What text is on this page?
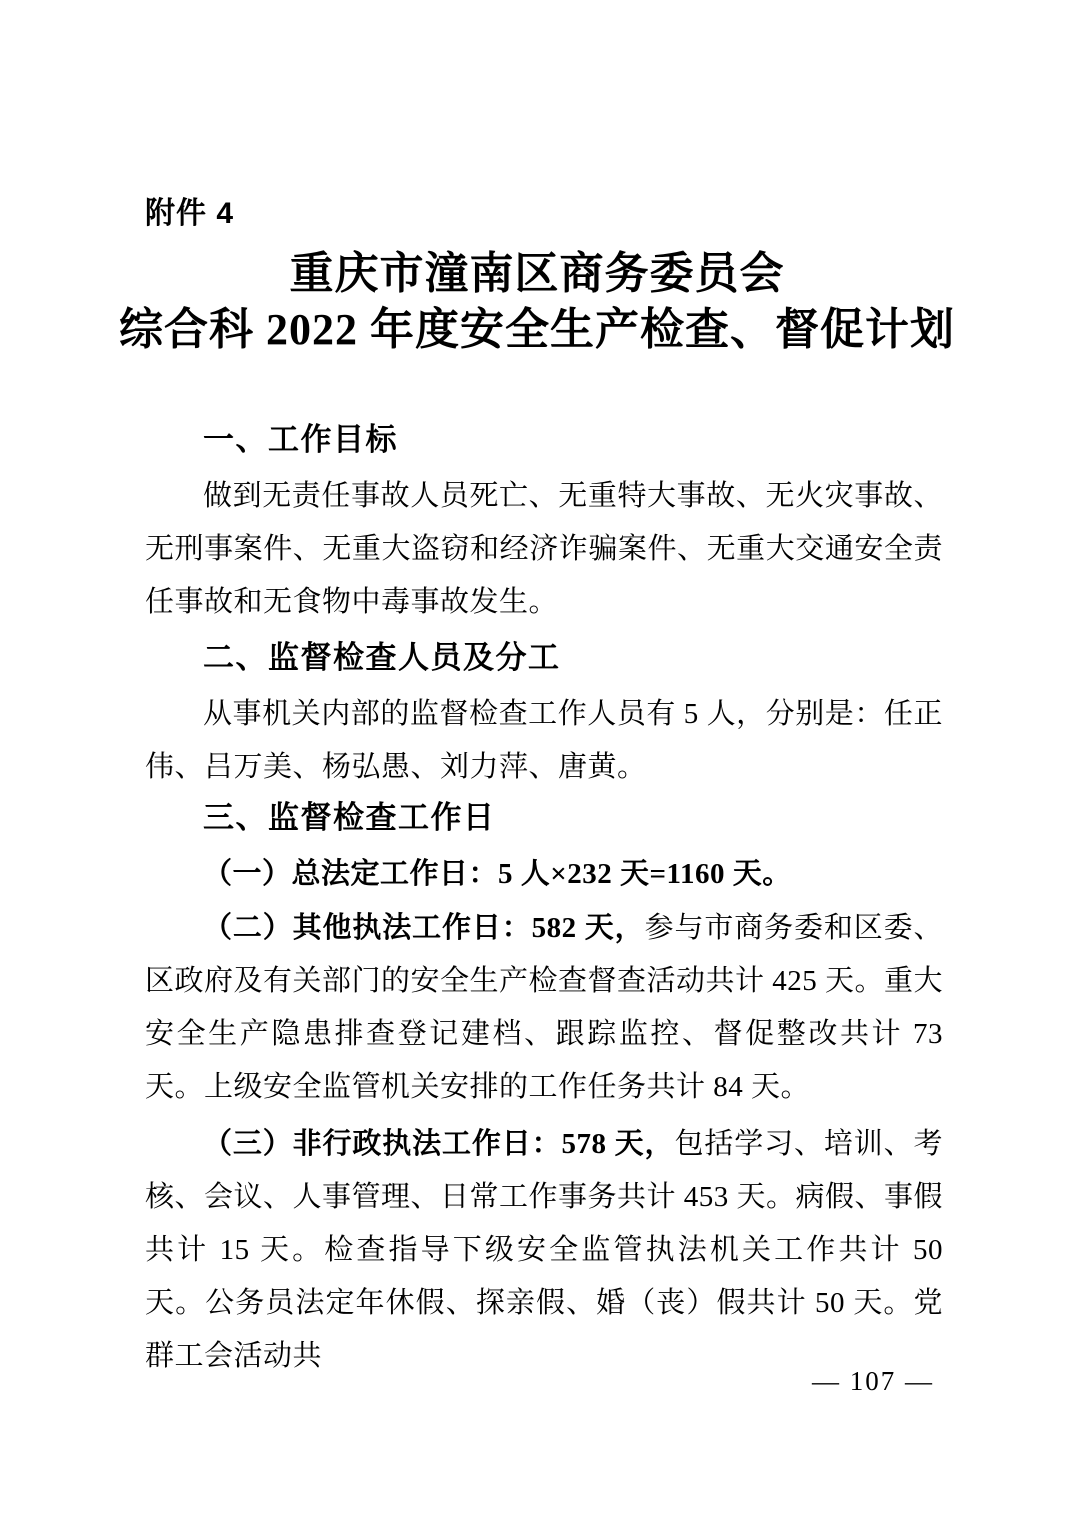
附件 4
重庆市潼南区商务委员会
综合科 2022 年度安全生产检查、督促计划
一、工作目标

做到无责任事故人员死亡、无重特大事故、无火灾事故、无刑事案件、无重大盗窃和经济诈骗案件、无重大交通安全责任事故和无食物中毒事故发生。

二、监督检查人员及分工

从事机关内部的监督检查工作人员有 5 人，分别是：任正伟、吕万美、杨弘愚、刘力萍、唐黄。

三、监督检查工作日

（一）总法定工作日：5 人×232 天=1160 天。

（二）其他执法工作日：582 天，参与市商务委和区委、区政府及有关部门的安全生产检查督查活动共计 425 天。重大安全生产隐患排查登记建档、跟踪监控、督促整改共计 73 天。上级安全监管机关安排的工作任务共计 84 天。

（三）非行政执法工作日：578 天，包括学习、培训、考核、会议、人事管理、日常工作事务共计 453 天。病假、事假共计 15 天。检查指导下级安全监管执法机关工作共计 50 天。公务员法定年休假、探亲假、婚（丧）假共计 50 天。党群工会活动共

— 107 —
